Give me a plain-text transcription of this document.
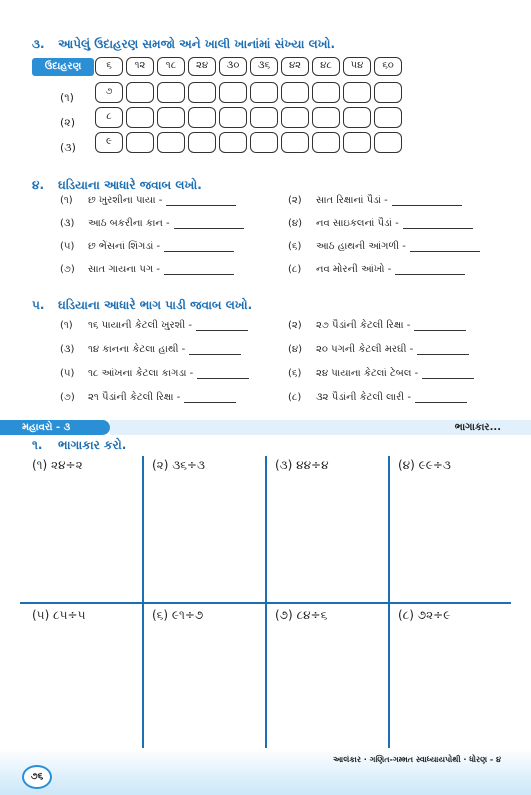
૩. આપેલું ઉદાહરણ સમજો અને ખાલી ખાનાંમાં સંખ્યા લખો.
ઉદાહરણ	૬	૧૨	૧૮	૨૪	૩૦	૩૬	૪૨	૪૮	૫૪	૬૦
(૧)	૭
(૨)	૮
(૩)	૯
૪. ઘડિયાના આધારે જવાબ લખો.
(૧)	છ ખુરશીના પાયા -	(૨)	સાત રિક્ષાનાં પૈડાં -
(૩)	આઠ બકરીના કાન -	(૪)	નવ સાઇકલનાં પૈડાં -
(૫)	છ ભેંસનાં શિંગડાં -	(૬)	આઠ હાથની આંગળી -
(૭)	સાત ગાયના પગ -	(૮)	નવ મોરની આંખો -
૫. ઘડિયાના આધારે ભાગ પાડી જવાબ લખો.
(૧)	૧૬ પાયાની કેટલી ખુરશી -	(૨)	૨૭ પૈડાંની કેટલી રિક્ષા -
(૩)	૧૪ કાનના કેટલા હાથી -	(૪)	૨૦ પગની કેટલી મરઘી -
(૫)	૧૮ આંખના કેટલા કાગડા -	(૬)	૨૪ પાયાના કેટલાં ટેબલ -
(૭)	૨૧ પૈડાંની કેટલી રિક્ષા -	(૮)	૩૨ પૈડાંની કેટલી લારી -
મહાવરો - ૩	ભાગાકાર...
૧. ભાગાકાર કરો.
(૧) ૨૪÷૨	(૨) ૩૬÷૩	(૩) ૪૪÷૪	(૪) ૯૯÷૩
(૫) ૮૫÷૫	(૬) ૯૧÷૭	(૭) ૮૪÷૬	(૮) ૭૨÷૯
આલંકાર · ગણિત-ગમ્મત સ્વાધ્યાયપોથી · ધોરણ - ૪
૭૬
